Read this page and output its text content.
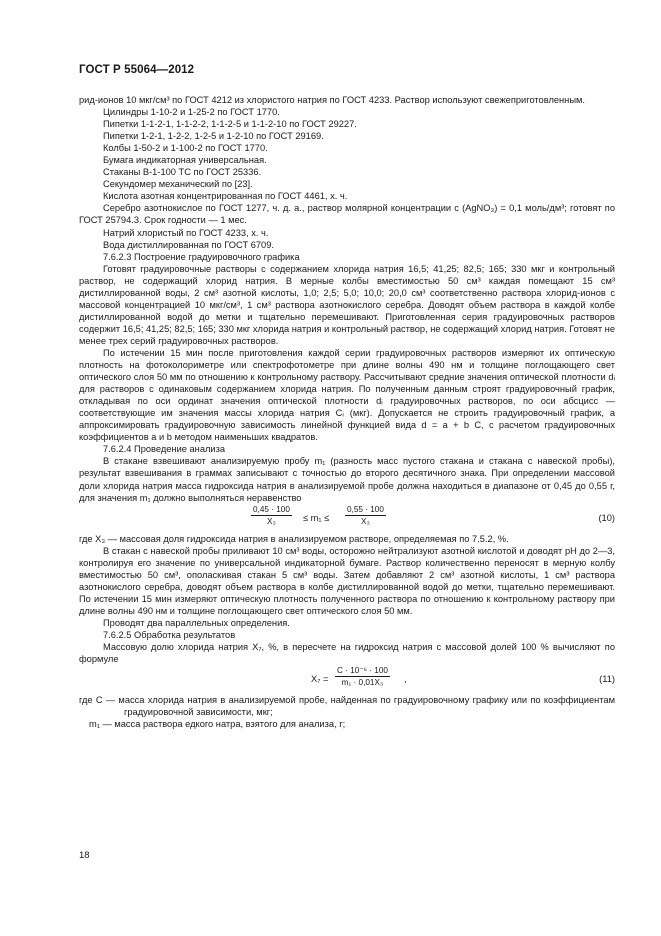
ГОСТ Р 55064—2012

рид-ионов 10 мкг/см³ по ГОСТ 4212 из хлористого натрия по ГОСТ 4233. Раствор используют свежеприготовленным.

Цилиндры 1-10-2 и 1-25-2 по ГОСТ 1770.

Пипетки 1-1-2-1, 1-1-2-2, 1-1-2-5 и 1-1-2-10 по ГОСТ 29227.

Пипетки 1-2-1, 1-2-2, 1-2-5 и 1-2-10 по ГОСТ 29169.

Колбы 1-50-2 и 1-100-2 по ГОСТ 1770.

Бумага индикаторная универсальная.

Стаканы В-1-100 ТС по ГОСТ 25336.

Секундомер механический по [23].

Кислота азотная концентрированная по ГОСТ 4461, х. ч.

Серебро азотнокислое по ГОСТ 1277, ч. д. а., раствор молярной концентрации c (AgNO₃) = 0,1 моль/дм³; готовят по ГОСТ 25794.3. Срок годности — 1 мес.

Натрий хлористый по ГОСТ 4233, х. ч.

Вода дистиллированная по ГОСТ 6709.

7.6.2.3 Построение градуировочного графика

Готовят градуировочные растворы с содержанием хлорида натрия 16,5; 41,25; 82,5; 165; 330 мкг и контрольный раствор, не содержащий хлорид натрия. В мерные колбы вместимостью 50 см³ каждая помещают 15 см³ дистиллированной воды, 2 см³ азотной кислоты, 1,0; 2,5; 5,0; 10,0; 20,0 см³ соответственно раствора хлорид-ионов с массовой концентрацией 10 мкг/см³, 1 см³ раствора азотнокислого серебра. Доводят объем раствора в каждой колбе дистиллированной водой до метки и тщательно перемешивают. Приготовленная серия градуировочных растворов содержит 16,5; 41,25; 82,5; 165; 330 мкг хлорида натрия и контрольный раствор, не содержащий хлорид натрия. Готовят не менее трех серий градуировочных растворов.

По истечении 15 мин после приготовления каждой серии градуировочных растворов измеряют их оптическую плотность на фотоколориметре или спектрофотометре при длине волны 490 нм и толщине поглощающего свет оптического слоя 50 мм по отношению к контрольному раствору. Рассчитывают средние значения оптической плотности dᵢ для растворов с одинаковым содержанием хлорида натрия. По полученным данным строят градуировочный график, откладывая по оси ординат значения оптической плотности dᵢ градуировочных растворов, по оси абсцисс — соответствующие им значения массы хлорида натрия Cᵢ (мкг). Допускается не строить градуировочный график, а аппроксимировать градуировочную зависимость линейной функцией вида d = a + b C, с расчетом градуировочных коэффициентов a и b методом наименьших квадратов.

7.6.2.4 Проведение анализа

В стакане взвешивают анализируемую пробу m₁ (разность масс пустого стакана и стакана с навеской пробы), результат взвешивания в граммах записывают с точностью до второго десятичного знака. При определении массовой доли хлорида натрия масса гидроксида натрия в анализируемой пробе должна находиться в диапазоне от 0,45 до 0,55 г, для значения m₁ должно выполняться неравенство

$\frac{0,45 \cdot 100}{\text{X₃}} \le m_1 \le \frac{0,55 \cdot 100}{\text{X₃}}$	(10)

где X₃ — массовая доля гидроксида натрия в анализируемом растворе, определяемая по 7.5.2, %.

В стакан с навеской пробы приливают 10 см³ воды, осторожно нейтрализуют азотной кислотой и доводят pH до 2—3, контролируя его значение по универсальной индикаторной бумаге. Раствор количественно переносят в мерную колбу вместимостью 50 см³, ополаскивая стакан 5 см³ воды. Затем добавляют 2 см³ азотной кислоты, 1 см³ раствора азотнокислого серебра, доводят объем раствора в колбе дистиллированной водой до метки, тщательно перемешивают. По истечении 15 мин измеряют оптическую плотность полученного раствора по отношению к контрольному раствору при длине волны 490 нм и толщине поглощающего свет оптического слоя 50 мм.

Проводят два параллельных определения.

7.6.2.5 Обработка результатов

Массовую долю хлорида натрия X₇, %, в пересчете на гидроксид натрия с массовой долей 100 % вычисляют по формуле

$X_7 = \frac{\text{C · 10⁻⁶ · 100}}{\text{m₁ · 0,01X₃}}$ ,	(11)

где C — масса хлорида натрия в анализируемой пробе, найденная по градуировочному графику или по коэффициентам градуировочной зависимости, мкг;

m₁ — масса раствора едкого натра, взятого для анализа, г;

18
